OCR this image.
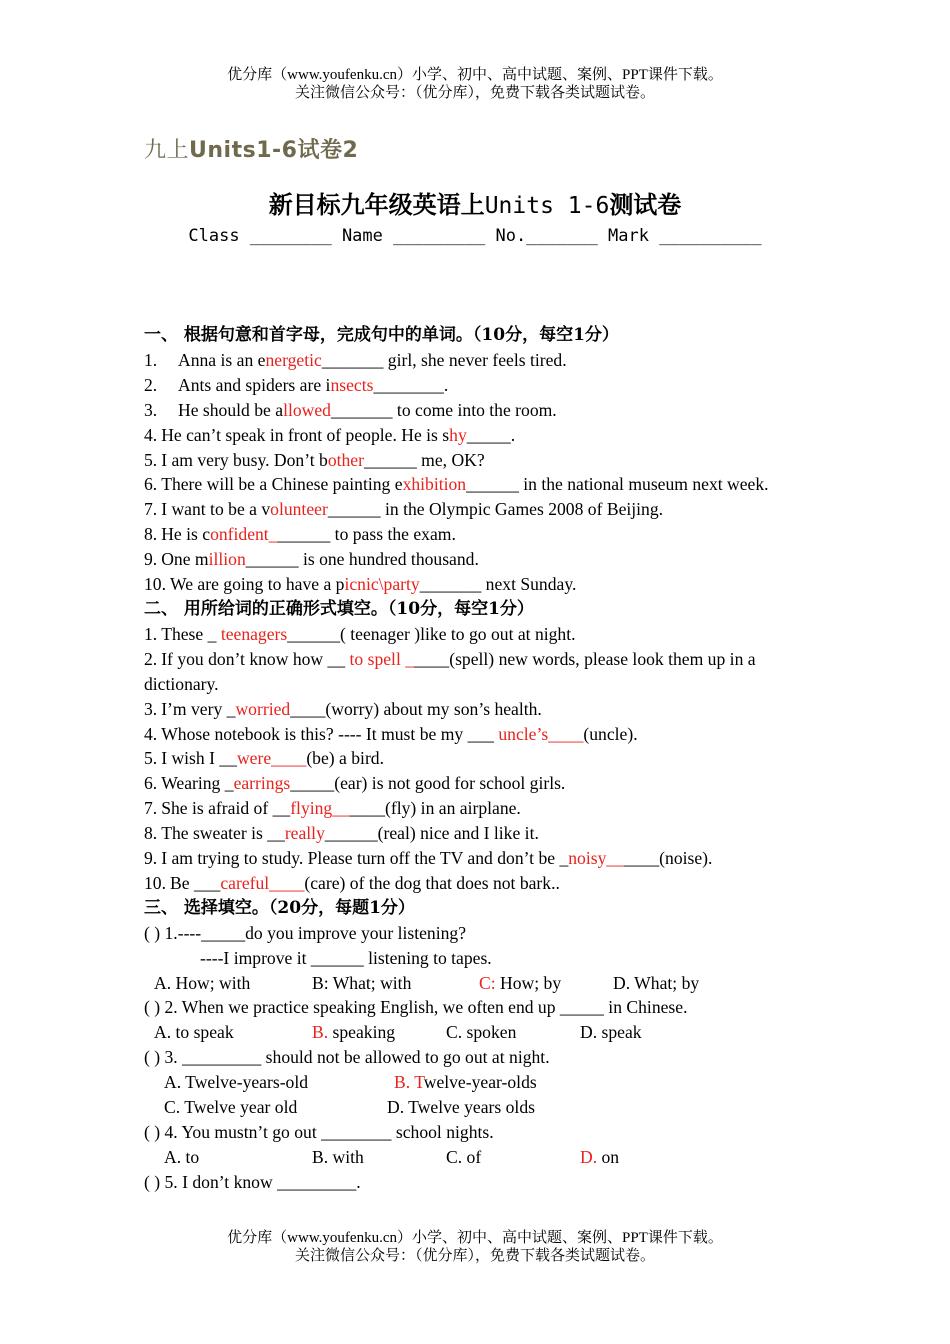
优分库（www.youfenku.cn）小学、初中、高中试题、案例、PPT课件下载。
关注微信公众号：（优分库），免费下载各类试题试卷。
九上Units1-6试卷2
新目标九年级英语上Units 1-6测试卷
Class ________ Name _________ No._______ Mark __________
一、 根据句意和首字母，完成句中的单词。（10分，每空1分）
1. Anna is an energetic_______ girl, she never feels tired.
2. Ants and spiders are insects________.
3. He should be allowed_______ to come into the room.
4. He can’t speak in front of people. He is shy_____.
5. I am very busy. Don’t bother______ me, OK?
6. There will be a Chinese painting exhibition______ in the national museum next week.
7. I want to be a volunteer______ in the Olympic Games 2008 of Beijing.
8. He is confident_______ to pass the exam.
9. One million______ is one hundred thousand.
10. We are going to have a picnic\party_______ next Sunday.
二、 用所给词的正确形式填空。（10分，每空1分）
1. These _ teenagers______( teenager )like to go out at night.
2. If you don’t know how __ to spell _____(spell) new words, please look them up in a dictionary.
3. I’m very _worried____(worry) about my son’s health.
4. Whose notebook is this? ---- It must be my ___ uncle’s____(uncle).
5. I wish I __were____(be) a bird.
6. Wearing _earrings_____(ear) is not good for school girls.
7. She is afraid of __flying______(fly) in an airplane.
8. The sweater is __really______(real) nice and I like it.
9. I am trying to study. Please turn off the TV and don’t be _noisy______(noise).
10. Be ___careful____(care) of the dog that does not bark..
三、 选择填空。（20分，每题1分）
( ) 1.----_____do you improve your listening?
----I improve it ______ listening to tapes.
A. How; with	B: What; with	C: How; by	D. What; by
( ) 2. When we practice speaking English, we often end up _____ in Chinese.
A. to speak	B. speaking	C. spoken	D. speak
( ) 3. _________ should not be allowed to go out at night.
A. Twelve-years-old	B. Twelve-year-olds
C. Twelve year old	D. Twelve years olds
( ) 4. You mustn’t go out ________ school nights.
A. to	B. with	C. of	D. on
( ) 5. I don’t know _________.
优分库（www.youfenku.cn）小学、初中、高中试题、案例、PPT课件下载。
关注微信公众号：（优分库），免费下载各类试题试卷。
